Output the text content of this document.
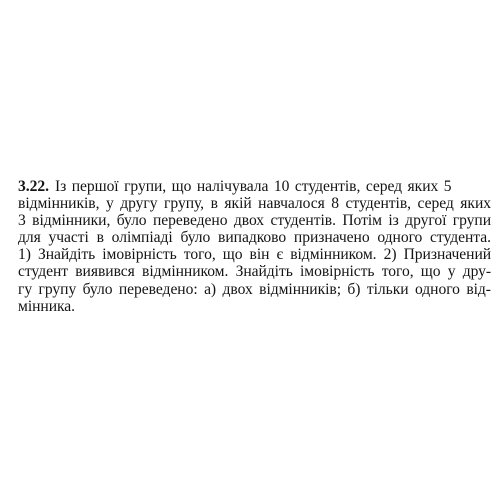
3.22. Із першої групи, що налічувала 10 студентів, серед яких 5
відмінників, у другу групу, в якій навчалося 8 студентів, серед яких
3 відмінники, було переведено двох студентів. Потім із другої групи
для участі в олімпіаді було випадково призначено одного студента.
1) Знайдіть імовірність того, що він є відмінником. 2) Призначений
студент виявився відмінником. Знайдіть імовірність того, що у дру-
гу групу було переведено: а) двох відмінників; б) тільки одного від-
мінника.
